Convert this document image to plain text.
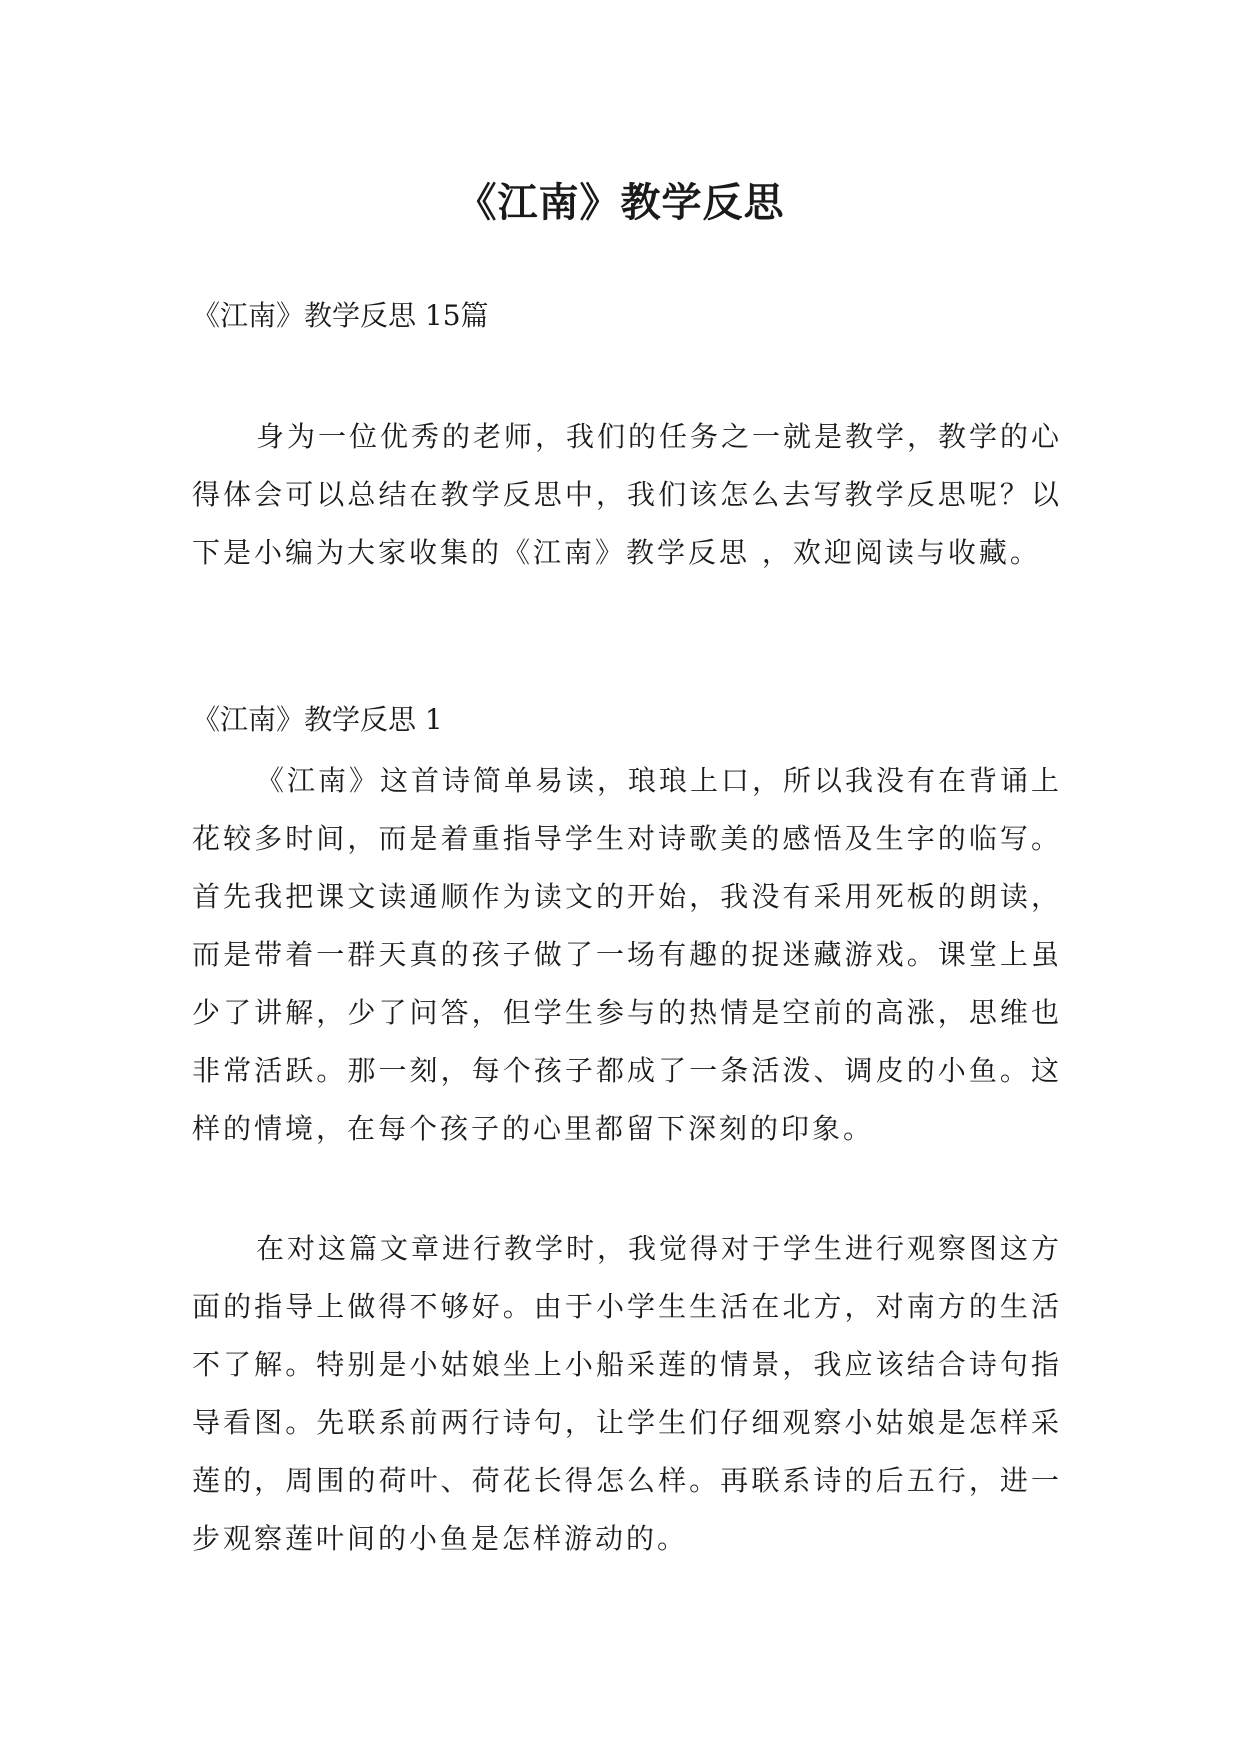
《江南》教学反思
《江南》教学反思 15篇

身为一位优秀的老师，我们的任务之一就是教学，教学的心得体会可以总结在教学反思中，我们该怎么去写教学反思呢？以下是小编为大家收集的《江南》教学反思 ，欢迎阅读与收藏。

《江南》教学反思 1

《江南》这首诗简单易读，琅琅上口，所以我没有在背诵上花较多时间，而是着重指导学生对诗歌美的感悟及生字的临写。首先我把课文读通顺作为读文的开始，我没有采用死板的朗读，而是带着一群天真的孩子做了一场有趣的捉迷藏游戏。课堂上虽少了讲解，少了问答，但学生参与的热情是空前的高涨，思维也非常活跃。那一刻，每个孩子都成了一条活泼、调皮的小鱼。这样的情境，在每个孩子的心里都留下深刻的印象。

在对这篇文章进行教学时，我觉得对于学生进行观察图这方面的指导上做得不够好。由于小学生生活在北方，对南方的生活不了解。特别是小姑娘坐上小船采莲的情景，我应该结合诗句指导看图。先联系前两行诗句，让学生们仔细观察小姑娘是怎样采莲的，周围的荷叶、荷花长得怎么样。再联系诗的后五行，进一步观察莲叶间的小鱼是怎样游动的。
